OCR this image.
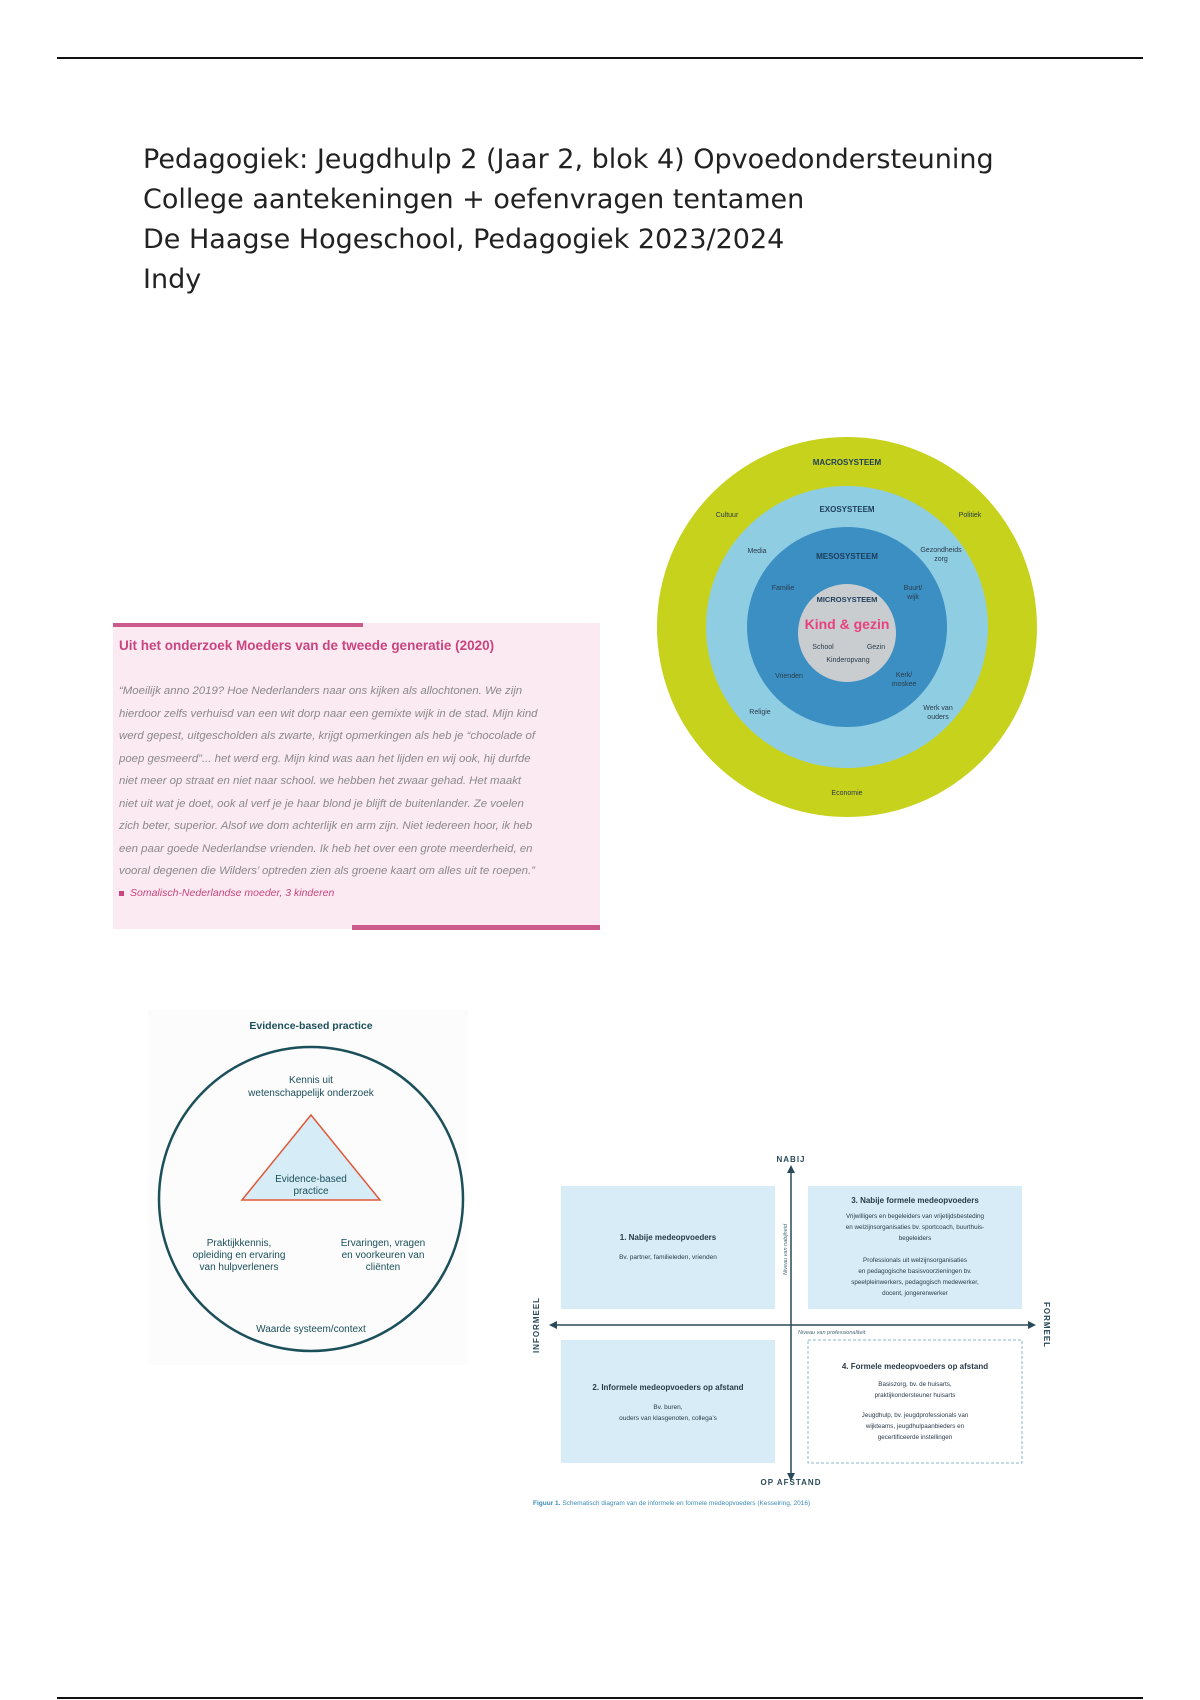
Pedagogiek: Jeugdhulp 2 (Jaar 2, blok 4) Opvoedondersteuning
College aantekeningen + oefenvragen tentamen
De Haagse Hogeschool, Pedagogiek 2023/2024
Indy
Uit het onderzoek Moeders van de tweede generatie (2020)
“Moeilijk anno 2019? Hoe Nederlanders naar ons kijken als allochtonen. We zijn
hierdoor zelfs verhuisd van een wit dorp naar een gemixte wijk in de stad. Mijn kind
werd gepest, uitgescholden als zwarte, krijgt opmerkingen als heb je “chocolade of
poep gesmeerd”... het werd erg. Mijn kind was aan het lijden en wij ook, hij durfde
niet meer op straat en niet naar school. we hebben het zwaar gehad. Het maakt
niet uit wat je doet, ook al verf je je haar blond je blijft de buitenlander. Ze voelen
zich beter, superior. Alsof we dom achterlijk en arm zijn. Niet iedereen hoor, ik heb
een paar goede Nederlandse vrienden. Ik heb het over een grote meerderheid, en
vooral degenen die Wilders’ optreden zien als groene kaart om alles uit te roepen.”
Somalisch-Nederlandse moeder, 3 kinderen
MACROSYSTEEM
EXOSYSTEEM
MESOSYSTEEM
MICROSYSTEEM
Kind & gezin
Cultuur	Politiek
Media	Gezondheids
zorg
Familie	Buurt/
wijk
School	Gezin
Kinderopvang
Vrienden	Kerk/
moskee
Religie
Werk van
ouders
Economie
Evidence-based practice
Kennis uit
wetenschappelijk onderzoek
Evidence-based
practice
Praktijkkennis,
opleiding en ervaring
van hulpverleners
Ervaringen, vragen
en voorkeuren van
cliënten
Waarde systeem/context
NABIJ
OP AFSTAND
INFORMEEL	FORMEEL
Niveau van nabijheid
Niveau van professionaliteit
1. Nabije medeopvoeders
Bv. partner, familieleden, vrienden
2. Informele medeopvoeders op afstand
Bv. buren,
ouders van klasgenoten, collega’s
3. Nabije formele medeopvoeders
Vrijwilligers en begeleiders van vrijetijdsbesteding
en welzijnsorganisaties bv. sportcoach, buurthuis-
begeleiders
Professionals uit welzijnsorganisaties
en pedagogische basisvoorzieningen bv.
speelpleinwerkers, pedagogisch medewerker,
docent, jongerenwerker
4. Formele medeopvoeders op afstand
Basiszorg, bv. de huisarts,
praktijkondersteuner huisarts
Jeugdhulp, bv. jeugdprofessionals van
wijkteams, jeugdhulpaanbieders en
gecertificeerde instellingen
Figuur 1. Schematisch diagram van de informele en formele medeopvoeders (Kesselring, 2016)
